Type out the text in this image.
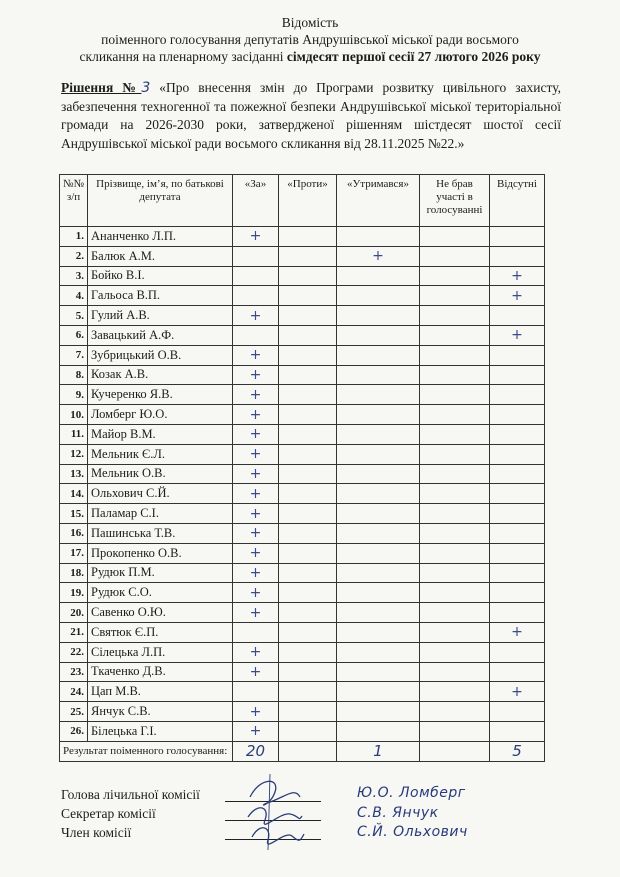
Відомість
поіменного голосування депутатів Андрушівської міської ради восьмого
скликання на пленарному засіданні сімдесят першої сесії 27 лютого 2026 року
Рішення №3 «Про внесення змін до Програми розвитку цивільного захисту, забезпечення техногенної та пожежної безпеки Андрушівської міської територіальної громади на 2026-2030 роки, затвердженої рішенням шістдесят шостої сесії Андрушівської міської ради восьмого скликання від 28.11.2025 №22.»
№№ з/п	Прізвище, ім’я, по батькові депутата	«За»	«Проти»	«Утримався»	Не брав участі в голосуванні	Відсутні
1.	Ананченко Л.П.	+				
2.	Балюк А.М.			+		
3.	Бойко В.І.					+
4.	Гальоса В.П.					+
5.	Гулий А.В.	+				
6.	Завацький А.Ф.					+
7.	Зубрицький О.В.	+				
8.	Козак А.В.	+				
9.	Кучеренко Я.В.	+				
10.	Ломберг Ю.О.	+				
11.	Майор В.М.	+				
12.	Мельник Є.Л.	+				
13.	Мельник О.В.	+				
14.	Ольхович С.Й.	+				
15.	Паламар С.І.	+				
16.	Пашинська Т.В.	+				
17.	Прокопенко О.В.	+				
18.	Рудюк П.М.	+				
19.	Рудюк С.О.	+				
20.	Савенко О.Ю.	+				
21.	Святюк Є.П.					+
22.	Сілецька Л.П.	+				
23.	Ткаченко Д.В.	+				
24.	Цап М.В.					+
25.	Янчук С.В.	+				
26.	Білецька Г.І.	+				
Результат поіменного голосування:		20		1		5
Голова лічильної комісії
Секретар комісії
Член комісії
Ю.О. Ломберг
С.В. Янчук
С.Й. Ольхович
